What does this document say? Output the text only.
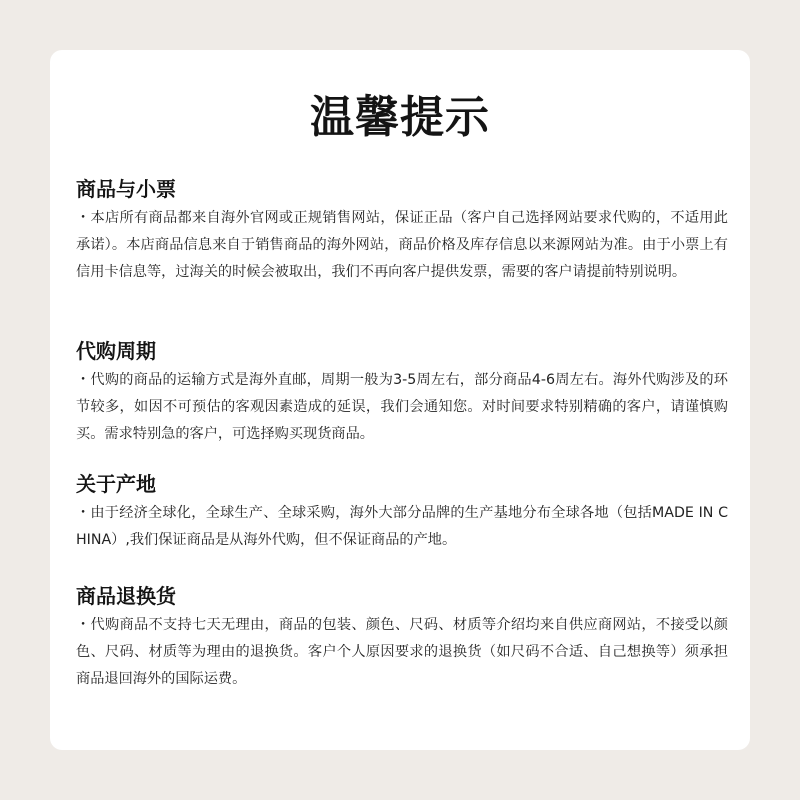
温馨提示
商品与小票

・本店所有商品都来自海外官网或正规销售网站，保证正品（客户自己选择网站要求代购的，不适用此承诺）。本店商品信息来自于销售商品的海外网站，商品价格及库存信息以来源网站为准。由于小票上有信用卡信息等，过海关的时候会被取出，我们不再向客户提供发票，需要的客户请提前特别说明。

代购周期

・代购的商品的运输方式是海外直邮，周期一般为3-5周左右，部分商品4-6周左右。海外代购涉及的环节较多，如因不可预估的客观因素造成的延误，我们会通知您。对时间要求特别精确的客户，请谨慎购买。需求特别急的客户，可选择购买现货商品。

关于产地

・由于经济全球化，全球生产、全球采购，海外大部分品牌的生产基地分布全球各地（包括MADE IN CHINA）,我们保证商品是从海外代购，但不保证商品的产地。

商品退换货

・代购商品不支持七天无理由，商品的包装、颜色、尺码、材质等介绍均来自供应商网站，不接受以颜色、尺码、材质等为理由的退换货。客户个人原因要求的退换货（如尺码不合适、自己想换等）须承担商品退回海外的国际运费。
